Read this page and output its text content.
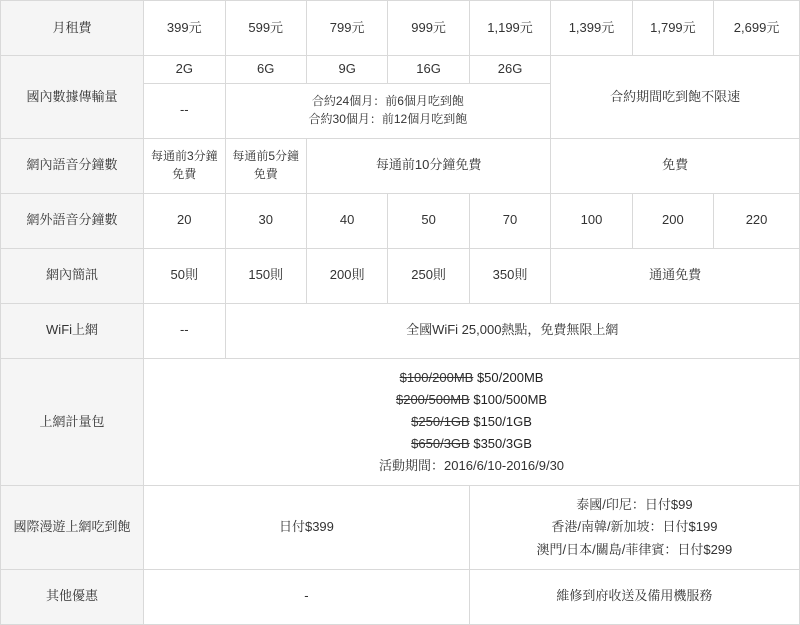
月租費	399元	599元	799元	999元	1,199元	1,399元	1,799元	2,699元
國內數據傳輸量	2G	6G	9G	16G	26G	合約期間吃到飽不限速		
	--	合約24個月：前6個月吃到飽
合約30個月：前12個月吃到飽						

網內語音分鐘數	每通前3分鐘免費	每通前5分鐘免費	每通前10分鐘免費			免費		
網外語音分鐘數	20	30	40	50	70	100	200	220
網內簡訊	50則	150則	200則	250則	350則	通通免費		
WiFi上網	--	全國WiFi 25,000熱點，免費無限上網						
上網計量包	$100/200MB $50/200MB
$200/500MB $100/500MB
$250/1GB $150/1GB
$650/3GB $350/3GB
活動期間：2016/6/10-2016/9/30							

國際漫遊上網吃到飽	日付$399				泰國/印尼：日付$99
香港/南韓/新加坡：日付$199
澳門/日本/關島/菲律賓：日付$299			

其他優惠	-				維修到府收送及備用機服務			
